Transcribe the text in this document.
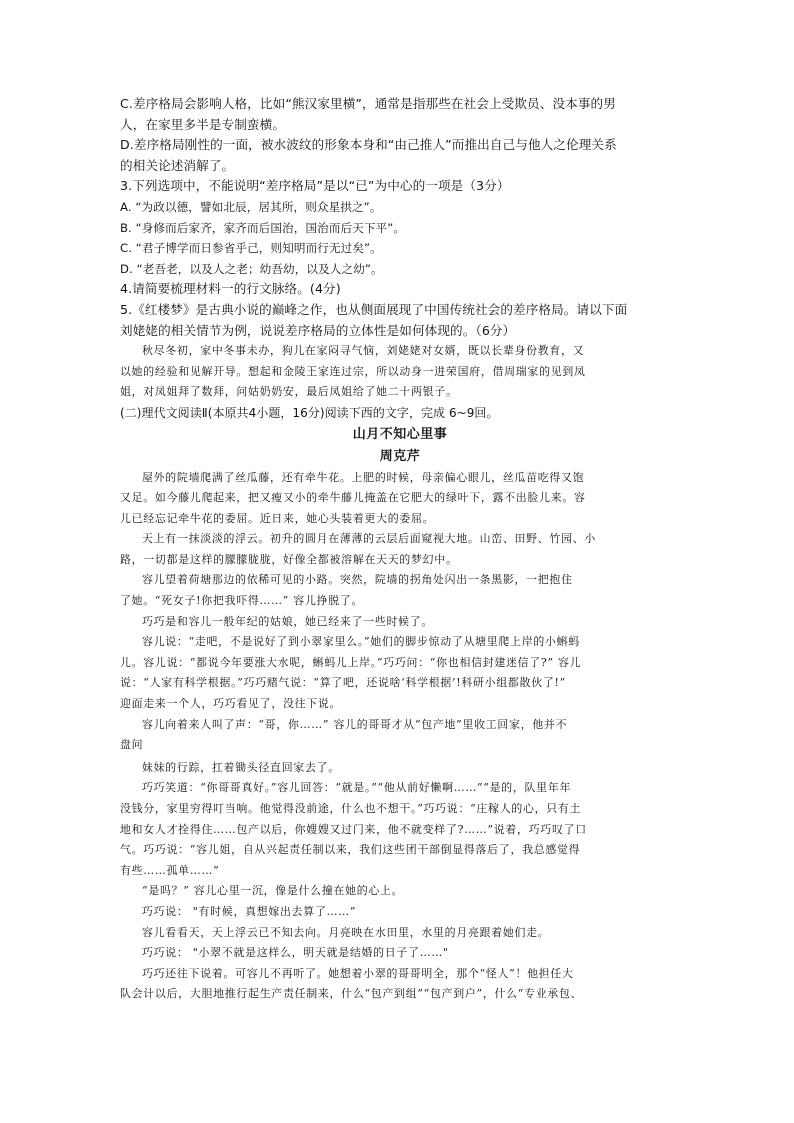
C.差序格局会影响人格，比如“熊汉家里横”，通常是指那些在社会上受欺员、没本事的男
人，在家里多半是专制蛮横。
D.差序格局刚性的一面，被水波纹的形象本身和“由己推人”而推出自己与他人之伦理关系
的相关论述消解了。
3.下列选项中，不能说明“差序格局”是以“已”为中心的一项是（3分）
A. “为政以德，譬如北辰，居其所，则众星拱之”。
B. “身修而后家齐，家齐而后国治，国治而后天下平”。
C. “君子博学而日参省乎己，则知明而行无过矣”。
D. “老吾老，以及人之老；幼吾幼，以及人之幼”。
4.请简要梳理材料一的行文脉络。(4分)
5.《红楼梦》是古典小说的巅峰之作，也从侧面展现了中国传统社会的差序格局。请以下面
刘姥姥的相关情节为例，说说差序格局的立体性是如何体现的。（6分）
秋尽冬初，家中冬事未办，狗儿在家闷寻气恼，刘姥姥对女婿，既以长辈身份教育，又
以她的经验和见解开导。想起和金陵王家连过宗，所以动身一进荣国府，借周瑞家的见到凤
姐，对凤姐拜了数拜，问姑奶奶安，最后凤姐给了她二十两银子。
(二)理代文阅读Ⅱ(本原共4小题，16分)阅读下西的文字，完成 6~9回。
山月不知心里事
周克芹
屋外的院墙爬满了丝瓜藤，还有牵牛花。上肥的时候，母亲偏心眼儿，丝瓜苗吃得又饱
又足。如今藤儿爬起来，把又瘦又小的牵牛藤儿掩盖在它肥大的绿叶下，露不出脸儿来。容
儿已经忘记牵牛花的委屈。近日来，她心头装着更大的委屈。
天上有一抹淡淡的浮云。初升的圆月在薄薄的云层后面窥视大地。山峦、田野、竹园、小
路，一切都是这样的朦朦胧胧，好像全都被溶解在天天的梦幻中。
容儿望着荷塘那边的依稀可见的小路。突然，院墙的拐角处闪出一条黑影，一把抱住
了她。“死女子!你把我吓得……” 容儿挣脱了。
巧巧是和容儿一般年纪的姑娘，她已经来了一些时候了。
容儿说：“走吧，不是说好了到小翠家里么。”她们的脚步惊动了从塘里爬上岸的小蝌蚂
儿。容儿说：“都说今年要涨大水呢，蝌蚂儿上岸。”巧巧问：“你也相信封建迷信了?” 容儿
说：“人家有科学根据。”巧巧赌气说：“算了吧，还说啥‘科学根据’!科研小组都散伙了!”
迎面走来一个人，巧巧看见了，没往下说。
容儿向着来人叫了声：“哥，你……” 容儿的哥哥才从“包产地”里收工回家，他并不
盘问
妹妹的行踪，扛着锄头径直回家去了。
巧巧笑道：“你哥哥真好。”容儿回答：“就是。”“他从前好懒啊……”“是的，队里年年
没钱分，家里穷得叮当响。他觉得没前途，什么也不想干。”巧巧说：“庄稼人的心，只有土
地和女人才拴得住……包产以后，你嫂嫂又过门来，他不就变样了?……”说着，巧巧叹了口
气。巧巧说：“容儿姐，自从兴起责任制以来，我们这些团干部倒显得落后了，我总感觉得
有些……孤单……”
“是吗？” 容儿心里一沉，像是什么撞在她的心上。
巧巧说： "有时候，真想嫁出去算了……”
容儿看看天，天上浮云已不知去向。月亮映在水田里，水里的月亮跟着她们走。
巧巧说： "小翠不就是这样么，明天就是结婚的日子了……"
巧巧还往下说着。可容儿不再听了。她想着小翠的哥哥明全，那个“怪人”！他担任大
队会计以后，大胆地推行起生产责任制来，什么“包产到组”“包产到户”，什么“专业承包、
